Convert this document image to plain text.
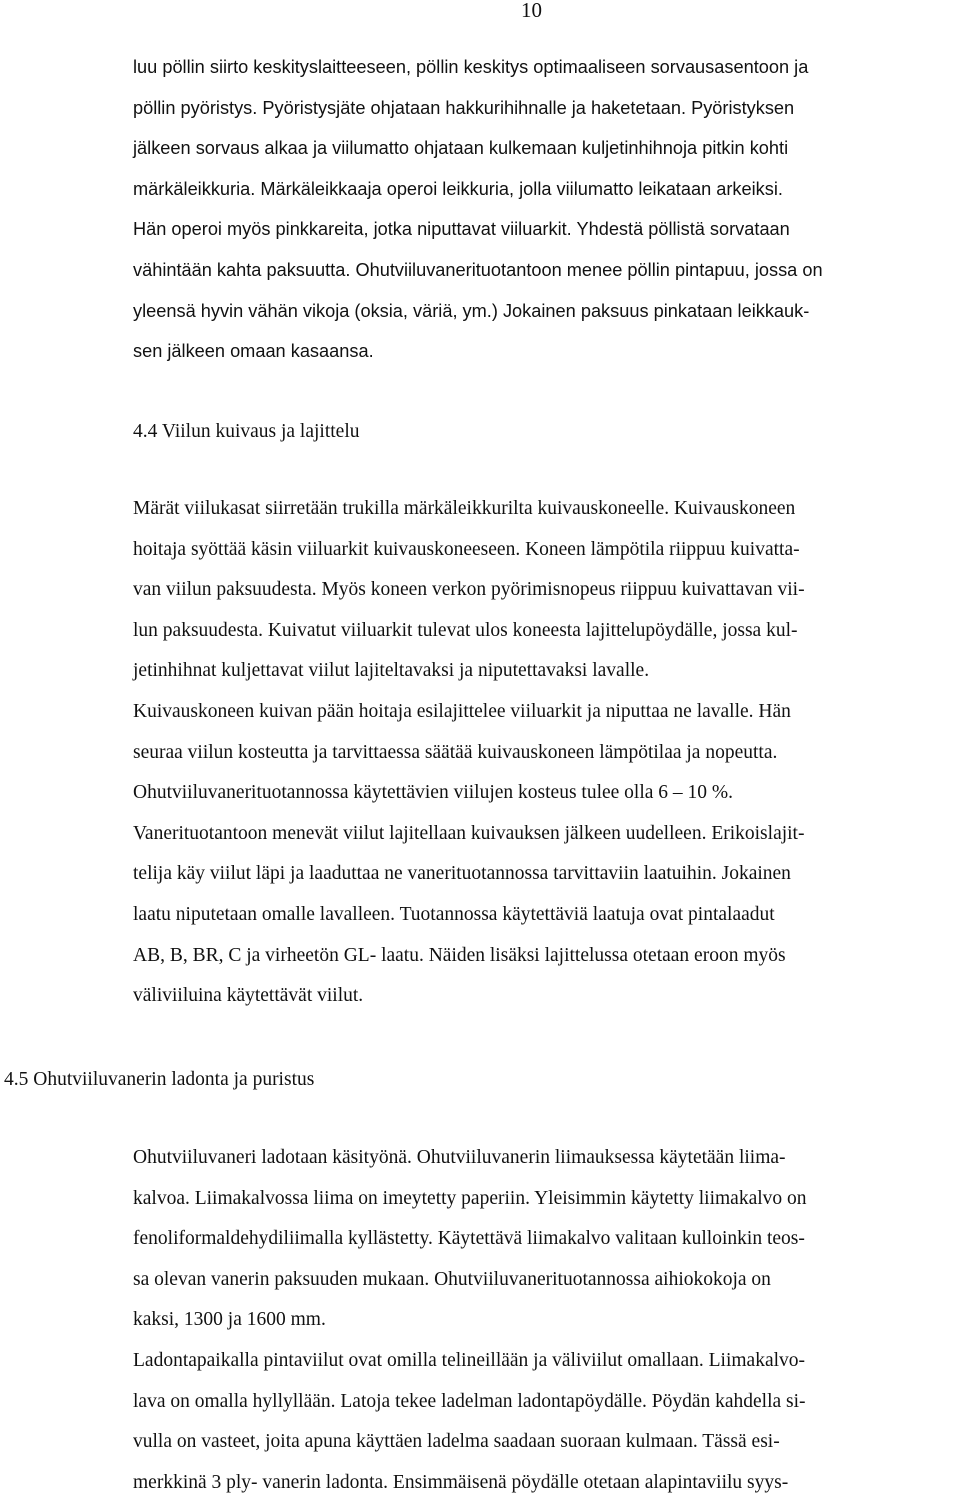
10
luu pöllin siirto keskityslaitteeseen, pöllin keskitys optimaaliseen sorvausasentoon ja
pöllin pyöristys. Pyöristysjäte ohjataan hakkurihihnalle ja haketetaan. Pyöristyksen
jälkeen sorvaus alkaa ja viilumatto ohjataan kulkemaan kuljetinhihnoja pitkin kohti
märkäleikkuria. Märkäleikkaaja operoi leikkuria, jolla viilumatto leikataan arkeiksi.
Hän operoi myös pinkkareita, jotka niputtavat viiluarkit. Yhdestä pöllistä sorvataan
vähintään kahta paksuutta. Ohutviiluvanerituotantoon menee pöllin pintapuu, jossa on
yleensä hyvin vähän vikoja (oksia, väriä, ym.) Jokainen paksuus pinkataan leikkauk-
sen jälkeen omaan kasaansa.
4.4 Viilun kuivaus ja lajittelu
Märät viilukasat siirretään trukilla märkäleikkurilta kuivauskoneelle. Kuivauskoneen
hoitaja syöttää käsin viiluarkit kuivauskoneeseen. Koneen lämpötila riippuu kuivatta-
van viilun paksuudesta. Myös koneen verkon pyörimisnopeus riippuu kuivattavan vii-
lun paksuudesta. Kuivatut viiluarkit tulevat ulos koneesta lajittelupöydälle, jossa kul-
jetinhihnat kuljettavat viilut lajiteltavaksi ja niputettavaksi lavalle.
Kuivauskoneen kuivan pään hoitaja esilajittelee viiluarkit ja niputtaa ne lavalle. Hän
seuraa viilun kosteutta ja tarvittaessa säätää kuivauskoneen lämpötilaa ja nopeutta.
Ohutviiluvanerituotannossa käytettävien viilujen kosteus tulee olla 6 – 10 %.
Vanerituotantoon menevät viilut lajitellaan kuivauksen jälkeen uudelleen. Erikoislajit-
telija käy viilut läpi ja laaduttaa ne vanerituotannossa tarvittaviin laatuihin. Jokainen
laatu niputetaan omalle lavalleen. Tuotannossa käytettäviä laatuja ovat pintalaadut
AB, B, BR, C ja virheetön GL- laatu. Näiden lisäksi lajittelussa otetaan eroon myös
väliviiluina käytettävät viilut.
4.5 Ohutviiluvanerin ladonta ja puristus
Ohutviiluvaneri ladotaan käsityönä. Ohutviiluvanerin liimauksessa käytetään liima-
kalvoa. Liimakalvossa liima on imeytetty paperiin. Yleisimmin käytetty liimakalvo on
fenoliformaldehydiliimalla kyllästetty. Käytettävä liimakalvo valitaan kulloinkin teos-
sa olevan vanerin paksuuden mukaan. Ohutviiluvanerituotannossa aihiokokoja on
kaksi, 1300 ja 1600 mm.
Ladontapaikalla pintaviilut ovat omilla telineillään ja väliviilut omallaan. Liimakalvo-
lava on omalla hyllyllään. Latoja tekee ladelman ladontapöydälle. Pöydän kahdella si-
vulla on vasteet, joita apuna käyttäen ladelma saadaan suoraan kulmaan. Tässä esi-
merkkinä 3 ply- vanerin ladonta. Ensimmäisenä pöydälle otetaan alapintaviilu syys-
